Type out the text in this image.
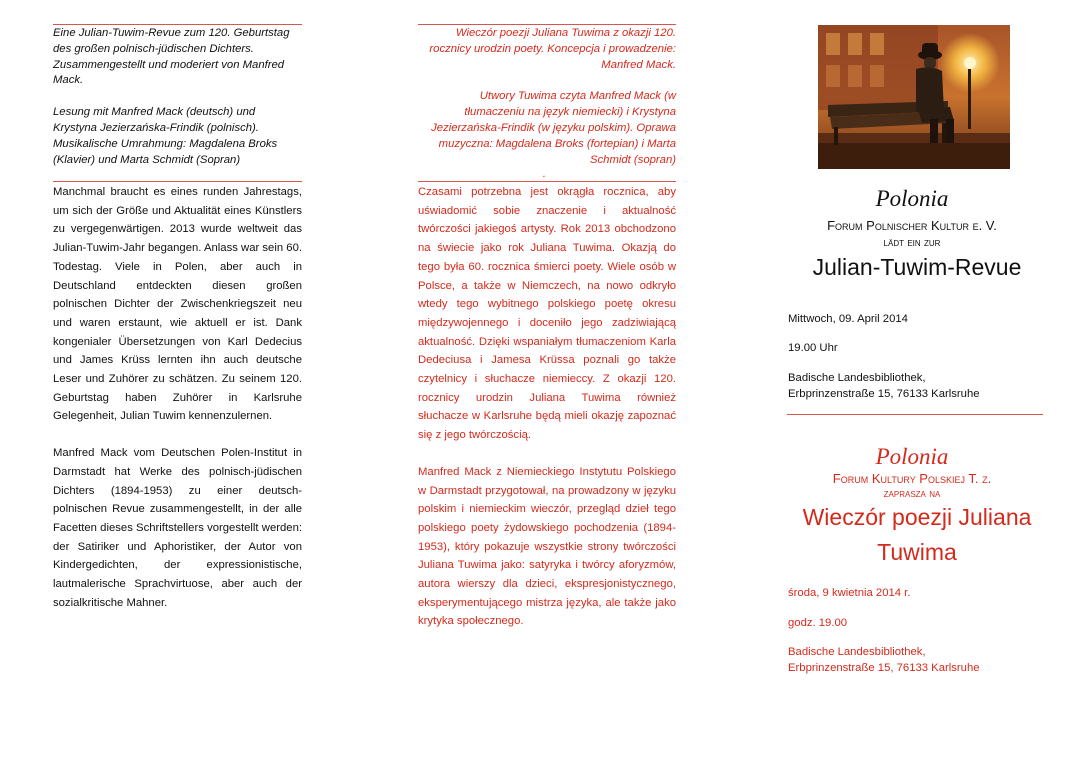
Eine Julian-Tuwim-Revue zum 120. Geburtstag des großen polnisch-jüdischen Dichters. Zusammengestellt und moderiert von Manfred Mack.

Lesung mit Manfred Mack (deutsch) und Krystyna Jezierzańska-Frindik (polnisch). Musikalische Umrahmung: Magdalena Broks (Klavier) und Marta Schmidt (Sopran)

Manchmal braucht es eines runden Jahrestags, um sich der Größe und Aktualität eines Künstlers zu vergegenwärtigen. 2013 wurde weltweit das Julian-Tuwim-Jahr begangen. Anlass war sein 60. Todestag. Viele in Polen, aber auch in Deutschland entdeckten diesen großen polnischen Dichter der Zwischenkriegszeit neu und waren erstaunt, wie aktuell er ist. Dank kongenialer Übersetzungen von Karl Dedecius und James Krüss lernten ihn auch deutsche Leser und Zuhörer zu schätzen. Zu seinem 120. Geburtstag haben Zuhörer in Karlsruhe Gelegenheit, Julian Tuwim kennenzulernen.

Manfred Mack vom Deutschen Polen-Institut in Darmstadt hat Werke des polnisch-jüdischen Dichters (1894-1953) zu einer deutsch-polnischen Revue zusammengestellt, in der alle Facetten dieses Schriftstellers vorgestellt werden: der Satiriker und Aphoristiker, der Autor von Kindergedichten, der expressionistische, lautmalerische Sprachvirtuose, aber auch der sozialkritische Mahner.

Wieczór poezji Juliana Tuwima z okazji 120. rocznicy urodzin poety. Koncepcja i prowadzenie: Manfred Mack.

Utwory Tuwima czyta Manfred Mack (w tłumaczeniu na język niemiecki) i Krystyna Jezierzańska-Frindik (w języku polskim). Oprawa muzyczna: Magdalena Broks (fortepian) i Marta Schmidt (sopran)

.

Czasami potrzebna jest okrągła rocznica, aby uświadomić sobie znaczenie i aktualność twórczości jakiegoś artysty. Rok 2013 obchodzono na świecie jako rok Juliana Tuwima. Okazją do tego była 60. rocznica śmierci poety. Wiele osób w Polsce, a także w Niemczech, na nowo odkryło wtedy tego wybitnego polskiego poetę okresu międzywojennego i doceniło jego zadziwiającą aktualność. Dzięki wspaniałym tłumaczeniom Karla Dedeciusa i Jamesa Krüssa poznali go także czytelnicy i słuchacze niemieccy. Z okazji 120. rocznicy urodzin Juliana Tuwima również słuchacze w Karlsruhe będą mieli okazję zapoznać się z jego twórczością.

Manfred Mack z Niemieckiego Instytutu Polskiego w Darmstadt przygotował, na prowadzony w języku polskim i niemieckim wieczór, przegląd dzieł tego polskiego poety żydowskiego pochodzenia (1894-1953), który pokazuje wszystkie strony twórczości Juliana Tuwima jako: satyryka i twórcy aforyzmów, autora wierszy dla dzieci, ekspresjonistycznego, eksperymentującego mistrza języka, ale także jako krytyka społecznego.

Polonia
Forum Polnischer Kultur e. V.
lädt ein zur
Julian-Tuwim-Revue
Mittwoch, 09. April 2014
19.00 Uhr
Badische Landesbibliothek,
Erbprinzenstraße 15, 76133 Karlsruhe
Polonia
Forum Kultury Polskiej T. z.
zaprasza na
Wieczór poezji Juliana
Tuwima
środa, 9 kwietnia 2014 r.
godz. 19.00
Badische Landesbibliothek,
Erbprinzenstraße 15, 76133 Karlsruhe
